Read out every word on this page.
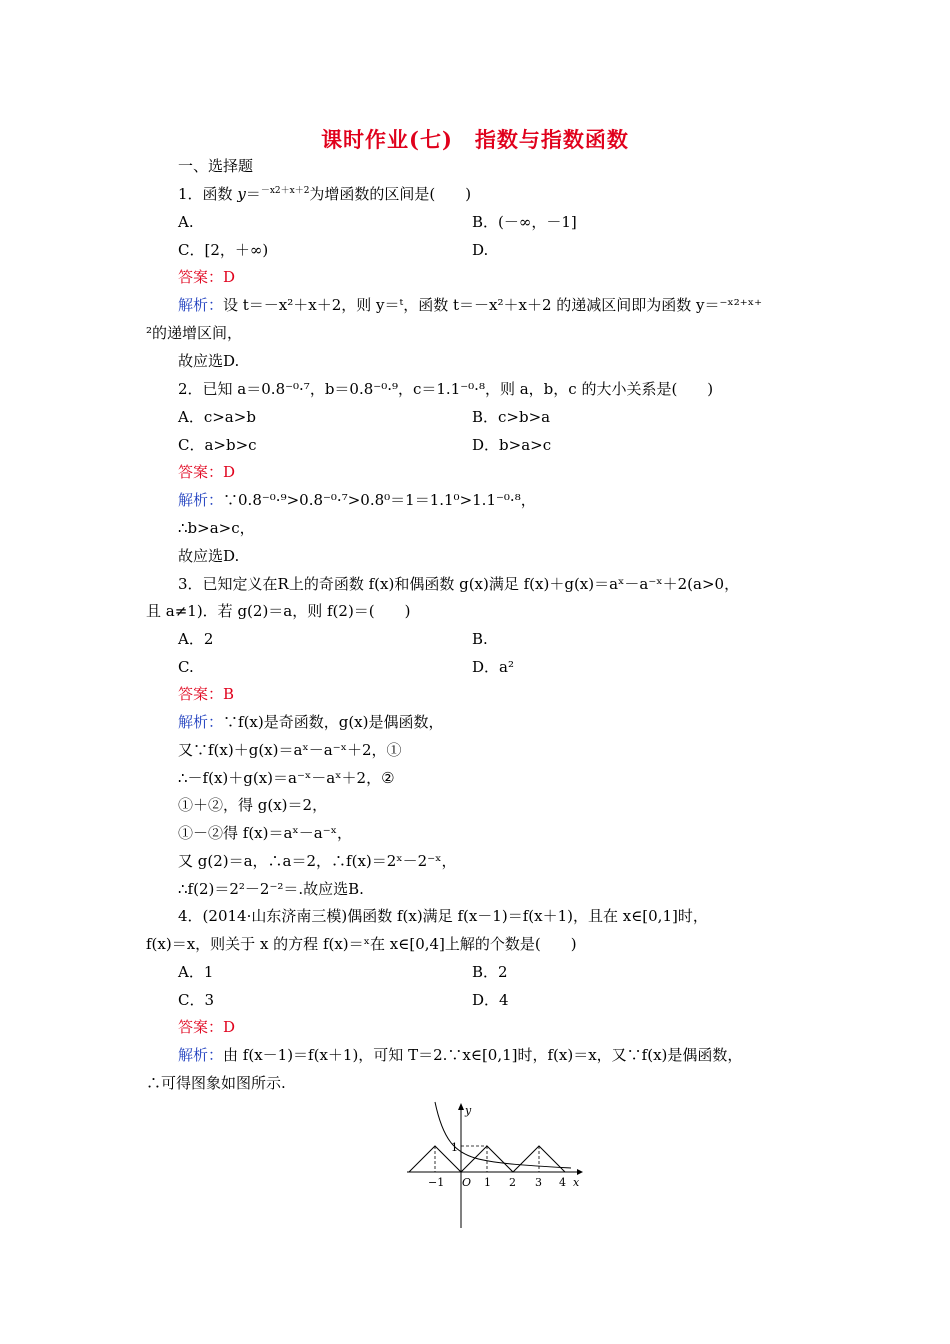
课时作业(七)　指数与指数函数
一、选择题
1．函数 y＝$^{-x2+x+2}$为增函数的区间是(　　)
A.	B．(－∞，－1]
C．[2，＋∞)	D.
答案：D
解析：设 t＝－x²＋x＋2，则 y＝ᵗ，函数 t＝－x²＋x＋2 的递减区间即为函数 y＝⁻ˣ²⁺ˣ⁺
²的递增区间，
故应选D.
2．已知 a＝0.8⁻⁰·⁷，b＝0.8⁻⁰·⁹，c＝1.1⁻⁰·⁸，则 a，b，c 的大小关系是(　　)
A．c>a>b	B．c>b>a
C．a>b>c	D．b>a>c
答案：D
解析：∵0.8⁻⁰·⁹>0.8⁻⁰·⁷>0.8⁰＝1＝1.1⁰>1.1⁻⁰·⁸，
∴b>a>c，
故应选D.
3．已知定义在R上的奇函数 f(x)和偶函数 g(x)满足 f(x)＋g(x)＝aˣ－a⁻ˣ＋2(a>0，
且 a≠1)．若 g(2)＝a，则 f(2)＝(　　)
A．2	B.
C.	D．a²
答案：B
解析：∵f(x)是奇函数，g(x)是偶函数，
又∵f(x)＋g(x)＝aˣ－a⁻ˣ＋2，①
∴－f(x)＋g(x)＝a⁻ˣ－aˣ＋2，②
①＋②，得 g(x)＝2，
①－②得 f(x)＝aˣ－a⁻ˣ，
又 g(2)＝a，∴a＝2，∴f(x)＝2ˣ－2⁻ˣ，
∴f(2)＝2²－2⁻²＝.故应选B.
4．(2014·山东济南三模)偶函数 f(x)满足 f(x－1)＝f(x＋1)，且在 x∈[0,1]时，
f(x)＝x，则关于 x 的方程 f(x)＝ˣ在 x∈[0,4]上解的个数是(　　)
A．1	B．2
C．3	D．4
答案：D
解析：由 f(x－1)＝f(x＋1)，可知 T＝2.∵x∈[0,1]时，f(x)＝x，又∵f(x)是偶函数，
∴可得图象如图所示.
y
x
1
O
−1	1 2 3 4
